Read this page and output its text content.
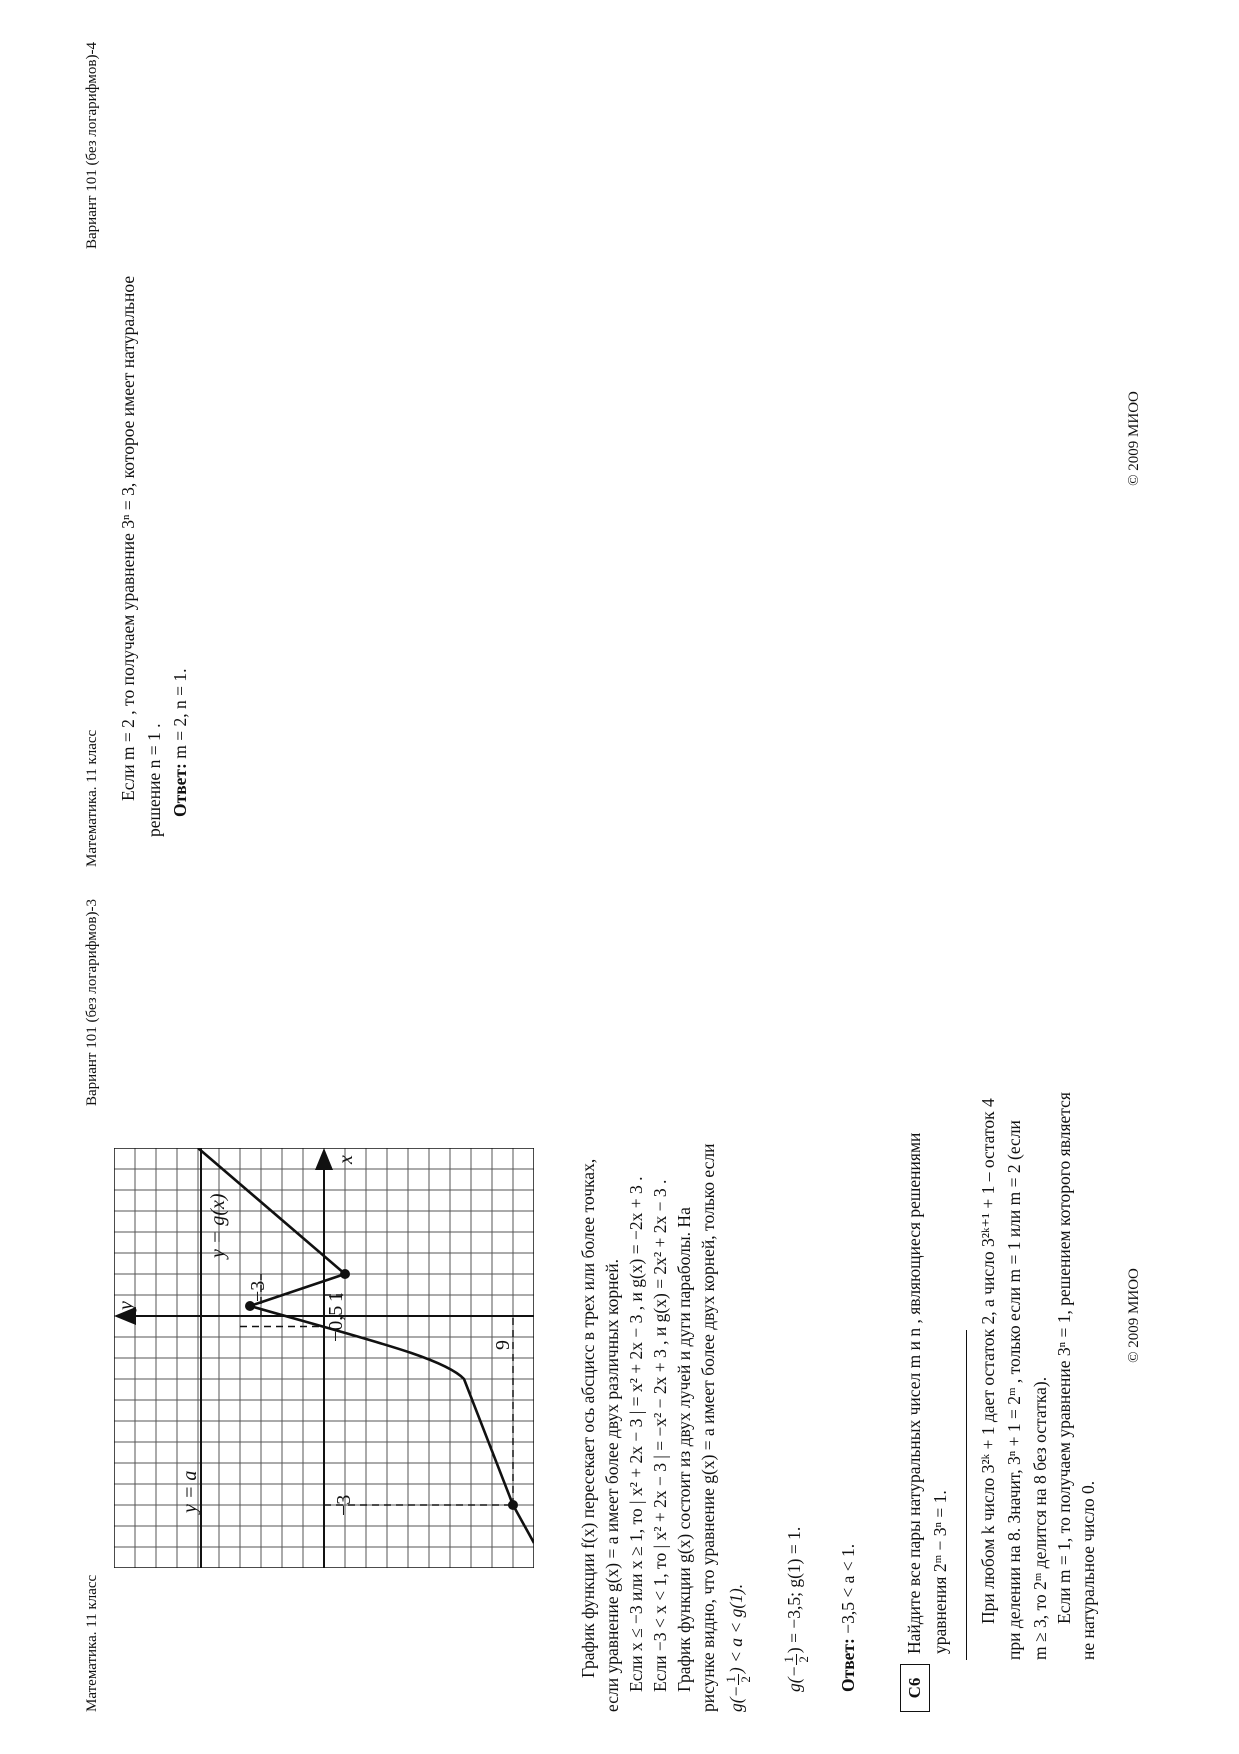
Математика. 11 класс
Вариант 101 (без логарифмов)-3
y
x
9
−3
−0,5
1
−3
y = a
y = g(x)	График функции f(x) пересекает ось абсцисс в трех или более точках, если уравнение g(x) = a имеет более двух различных корней. Если x ≤ −3 или x ≥ 1, то | x² + 2x − 3 | = x² + 2x − 3 , и g(x) = −2x + 3 . Если −3 < x < 1, то | x² + 2x − 3 | = −x² − 2x + 3 , и g(x) = 2x² + 2x − 3 . График функции g(x) состоит из двух лучей и дуги параболы. На рисунке видно, что уравнение g(x) = a имеет более двух корней, только если g(−
1 2
) < a < g(1).
g(−
1 2
) = −3,5; g(1) = 1.
Ответ: −3,5 < a < 1.
C6
Найдите все пары натуральных чисел m и n , являющиеся решениями уравнения 2ᵐ − 3ⁿ = 1. При любом k число 3²ᵏ + 1 дает остаток 2, а число 3²ᵏ⁺¹ + 1 – остаток 4 при делении на 8. Значит, 3ⁿ + 1 = 2ᵐ , только если m = 1 или m = 2 (если m ≥ 3, то 2ᵐ делится на 8 без остатка). Если m = 1, то получаем уравнение 3ⁿ = 1, решением которого является не натуральное число 0.
© 2009 МИОО
Математика. 11 класс
Вариант 101 (без логарифмов)-4
Если m = 2 , то получаем уравнение 3ⁿ = 3, которое имеет натуральное решение n = 1 . Ответ: m = 2, n = 1.
© 2009 МИОО
